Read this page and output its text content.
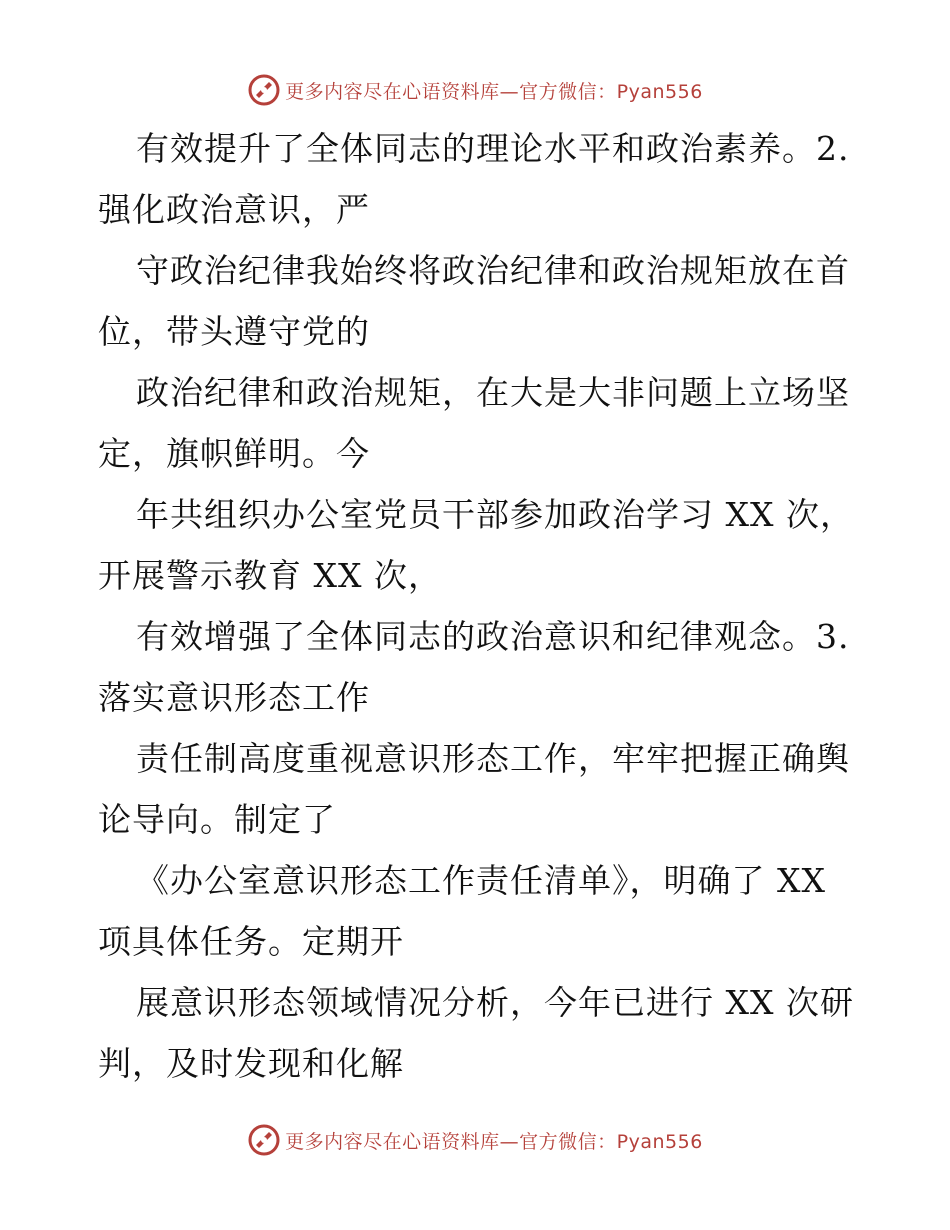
更多内容尽在心语资料库—官方微信：Pyan556
有效提升了全体同志的理论水平和政治素养。2.
强化政治意识，严
守政治纪律我始终将政治纪律和政治规矩放在首
位，带头遵守党的
政治纪律和政治规矩，在大是大非问题上立场坚
定，旗帜鲜明。今
年共组织办公室党员干部参加政治学习 XX 次，
开展警示教育 XX 次，
有效增强了全体同志的政治意识和纪律观念。3.
落实意识形态工作
责任制高度重视意识形态工作，牢牢把握正确舆
论导向。制定了
《办公室意识形态工作责任清单》，明确了 XX
项具体任务。定期开
展意识形态领域情况分析，今年已进行 XX 次研
判，及时发现和化解
更多内容尽在心语资料库—官方微信：Pyan556
